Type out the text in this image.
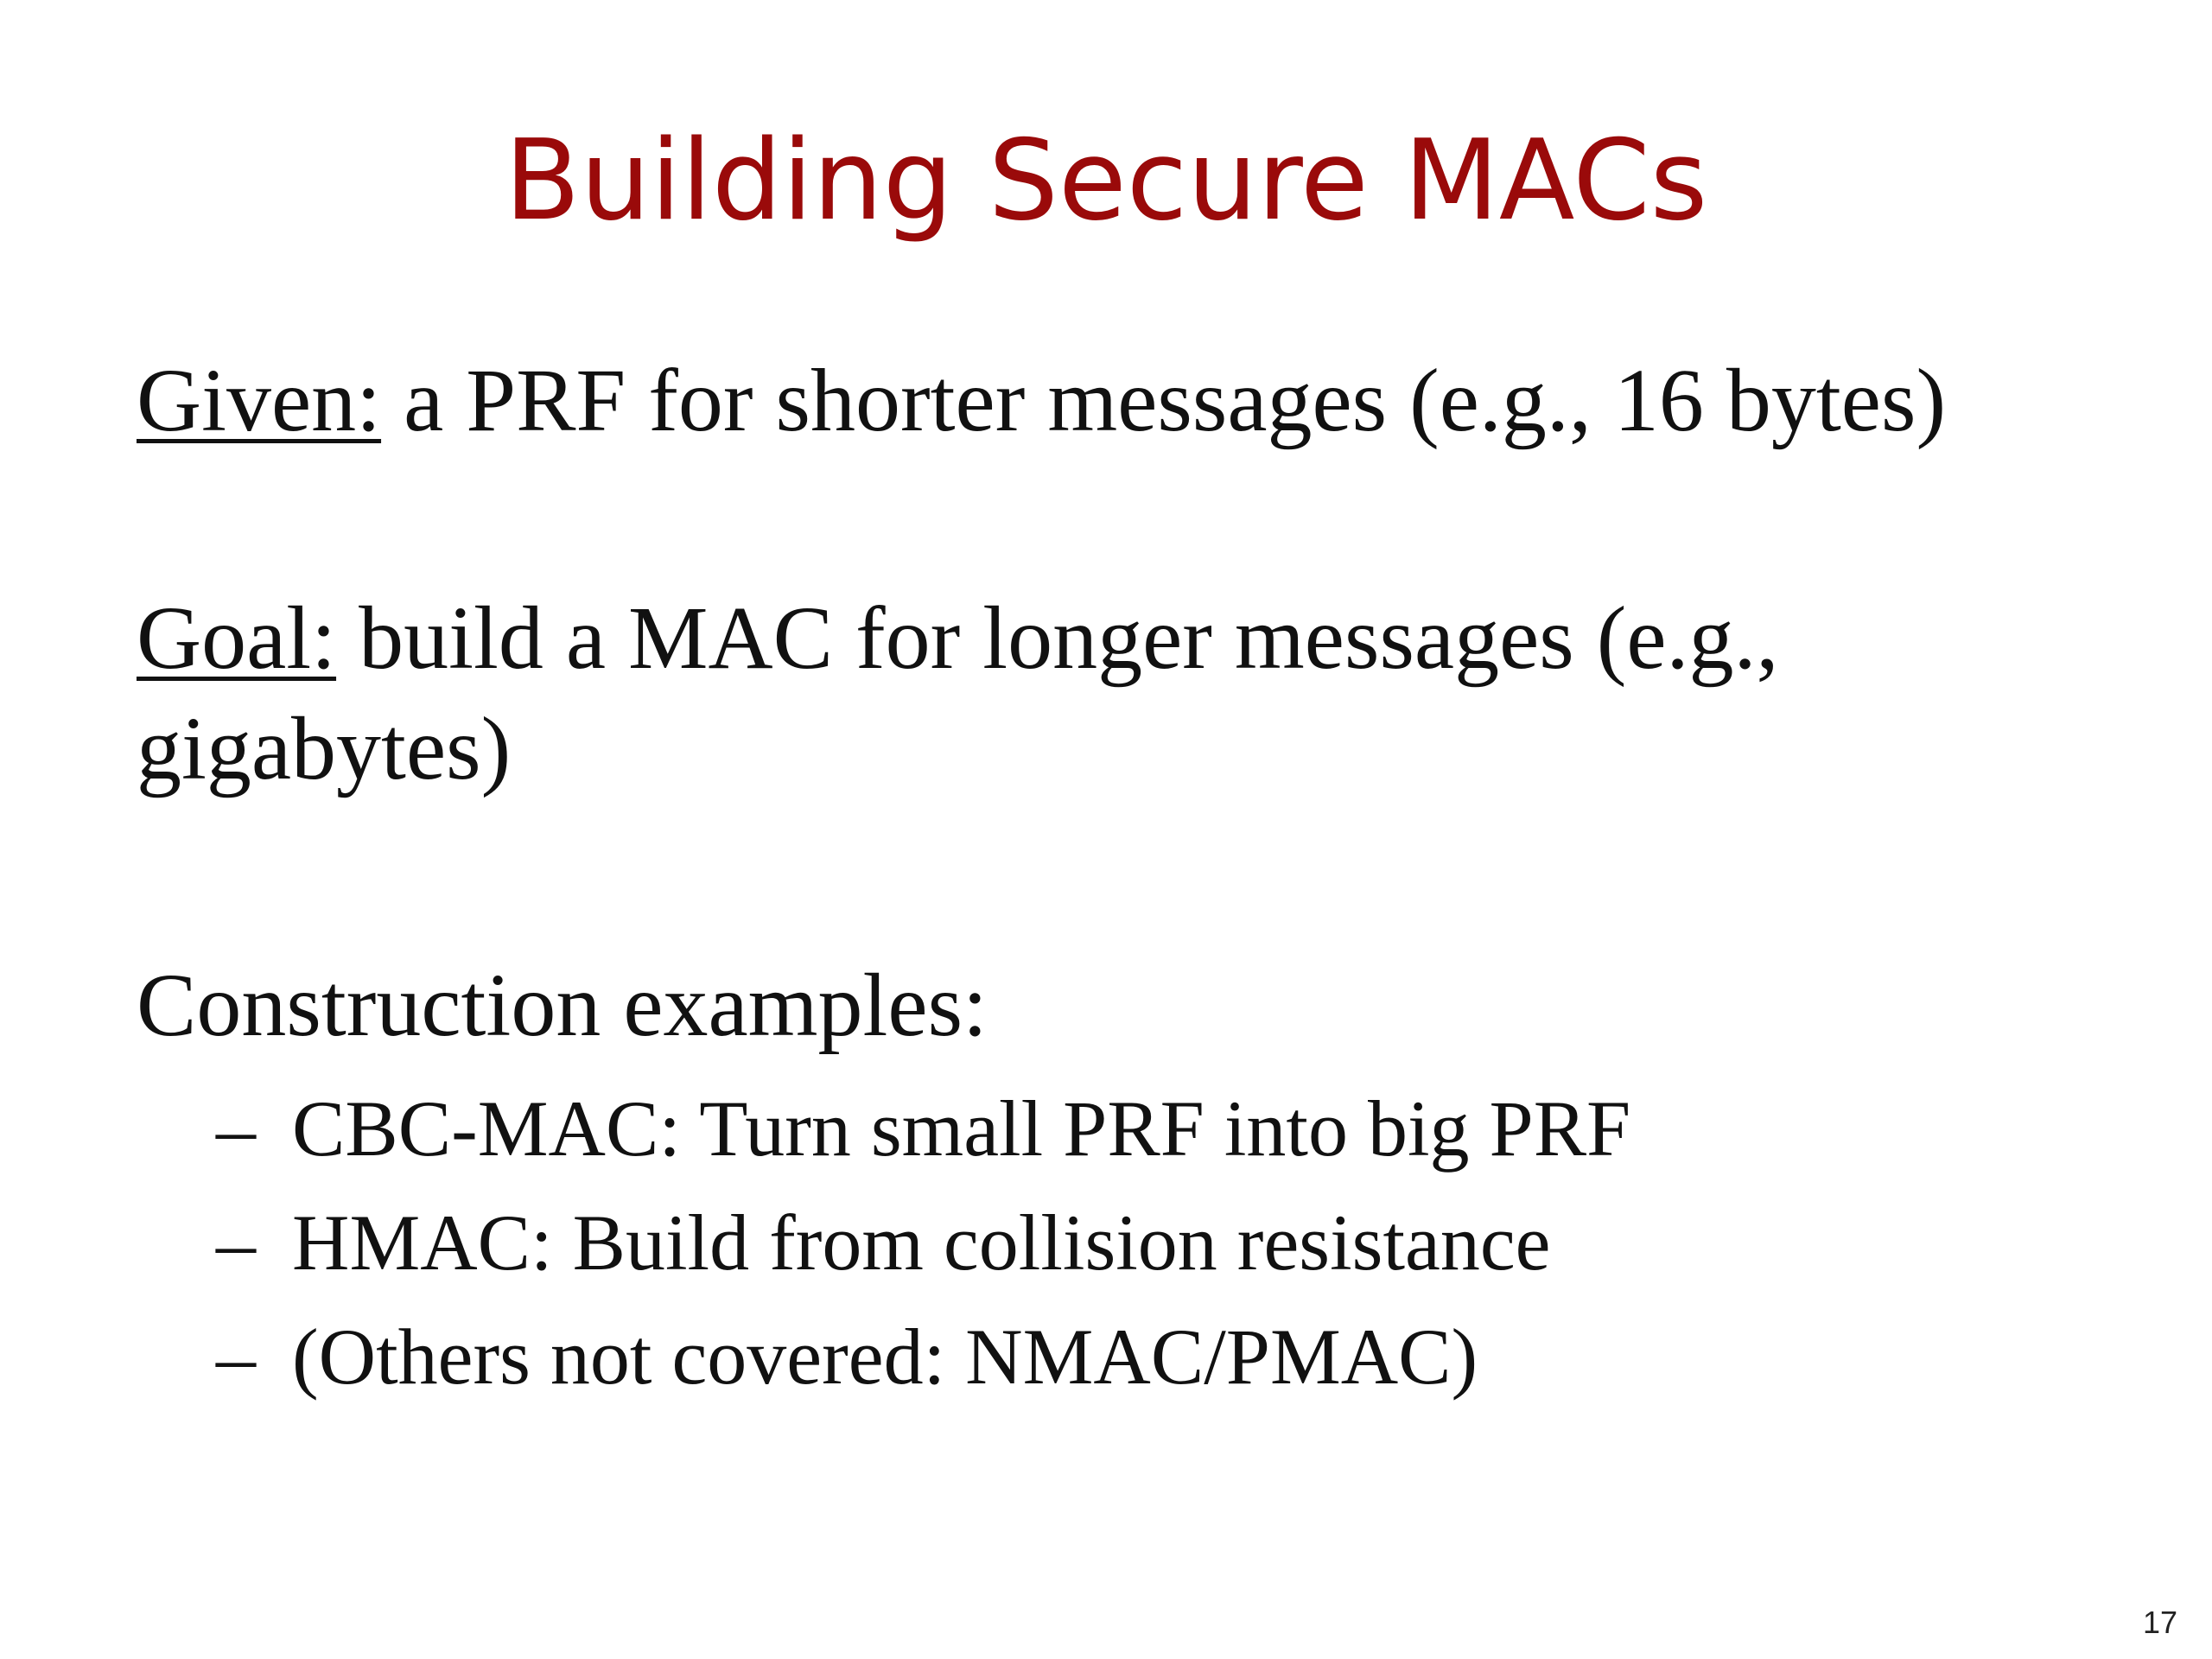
Building Secure MACs

Given: a PRF for shorter messages (e.g., 16 bytes)

Goal: build a MAC for longer messages (e.g., gigabytes)

Construction examples:

– CBC-MAC: Turn small PRF into big PRF
– HMAC: Build from collision resistance
– (Others not covered: NMAC/PMAC)
17
